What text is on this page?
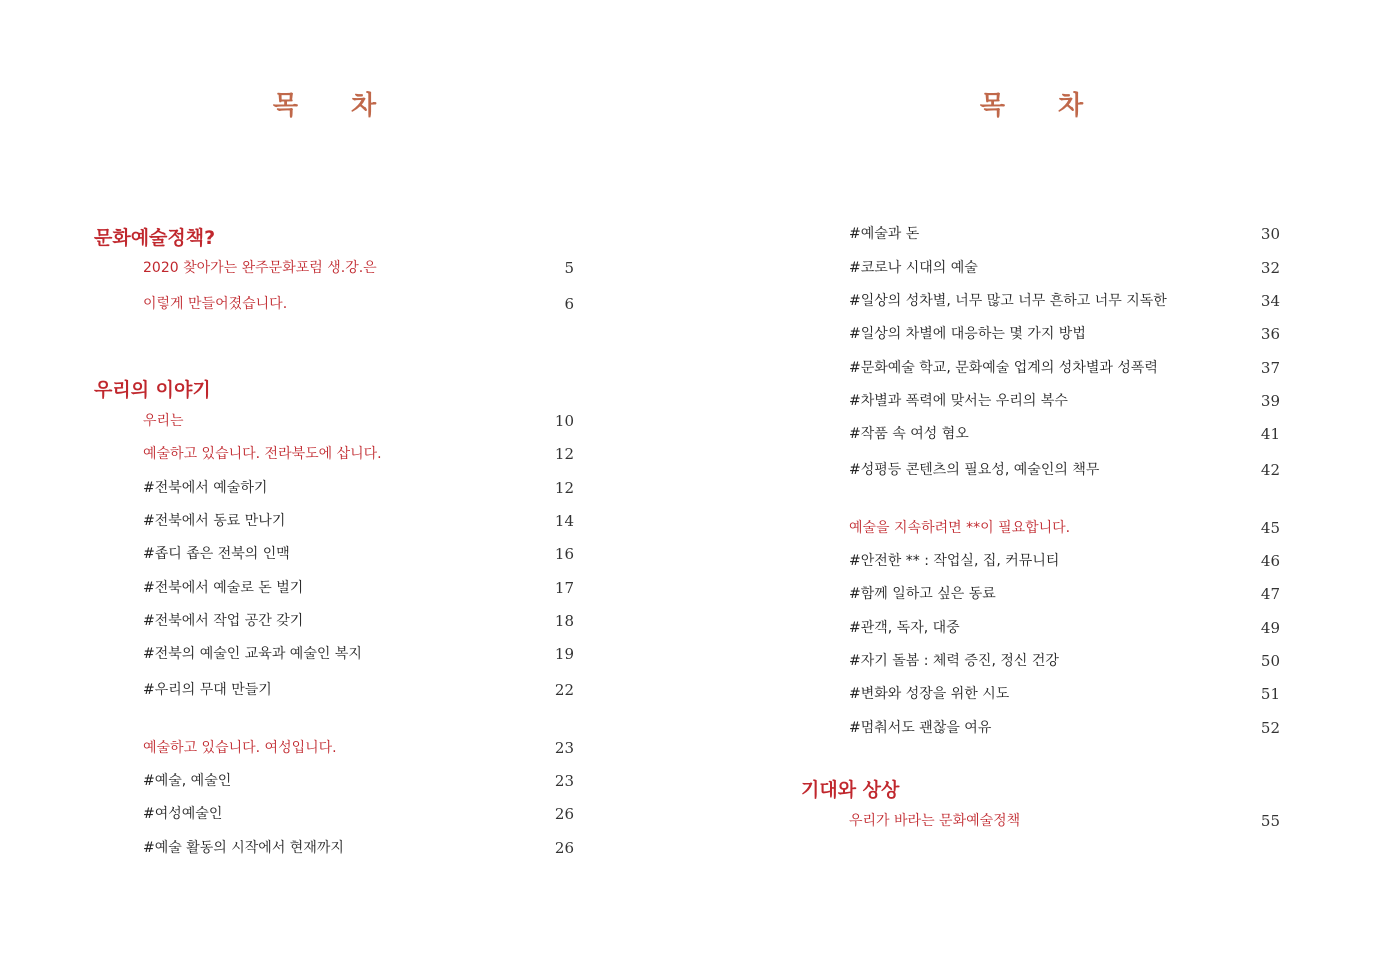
목 차
문화예술정책?
2020 찾아가는 완주문화포럼 생.강.은	5
이렇게 만들어졌습니다.	6
우리의 이야기
우리는	10
예술하고 있습니다. 전라북도에 삽니다.	12
#전북에서 예술하기	12
#전북에서 동료 만나기	14
#좁디 좁은 전북의 인맥	16
#전북에서 예술로 돈 벌기	17
#전북에서 작업 공간 갖기	18
#전북의 예술인 교육과 예술인 복지	19
#우리의 무대 만들기	22
예술하고 있습니다. 여성입니다.	23
#예술, 예술인	23
#여성예술인	26
#예술 활동의 시작에서 현재까지	26
목 차
#예술과 돈	30
#코로나 시대의 예술	32
#일상의 성차별, 너무 많고 너무 흔하고 너무 지독한	34
#일상의 차별에 대응하는 몇 가지 방법	36
#문화예술 학교, 문화예술 업계의 성차별과 성폭력	37
#차별과 폭력에 맞서는 우리의 복수	39
#작품 속 여성 혐오	41
#성평등 콘텐츠의 필요성, 예술인의 책무	42
예술을 지속하려면 **이 필요합니다.	45
#안전한 ** : 작업실, 집, 커뮤니티	46
#함께 일하고 싶은 동료	47
#관객, 독자, 대중	49
#자기 돌봄 : 체력 증진, 정신 건강	50
#변화와 성장을 위한 시도	51
#멈춰서도 괜찮을 여유	52
기대와 상상
우리가 바라는 문화예술정책	55
